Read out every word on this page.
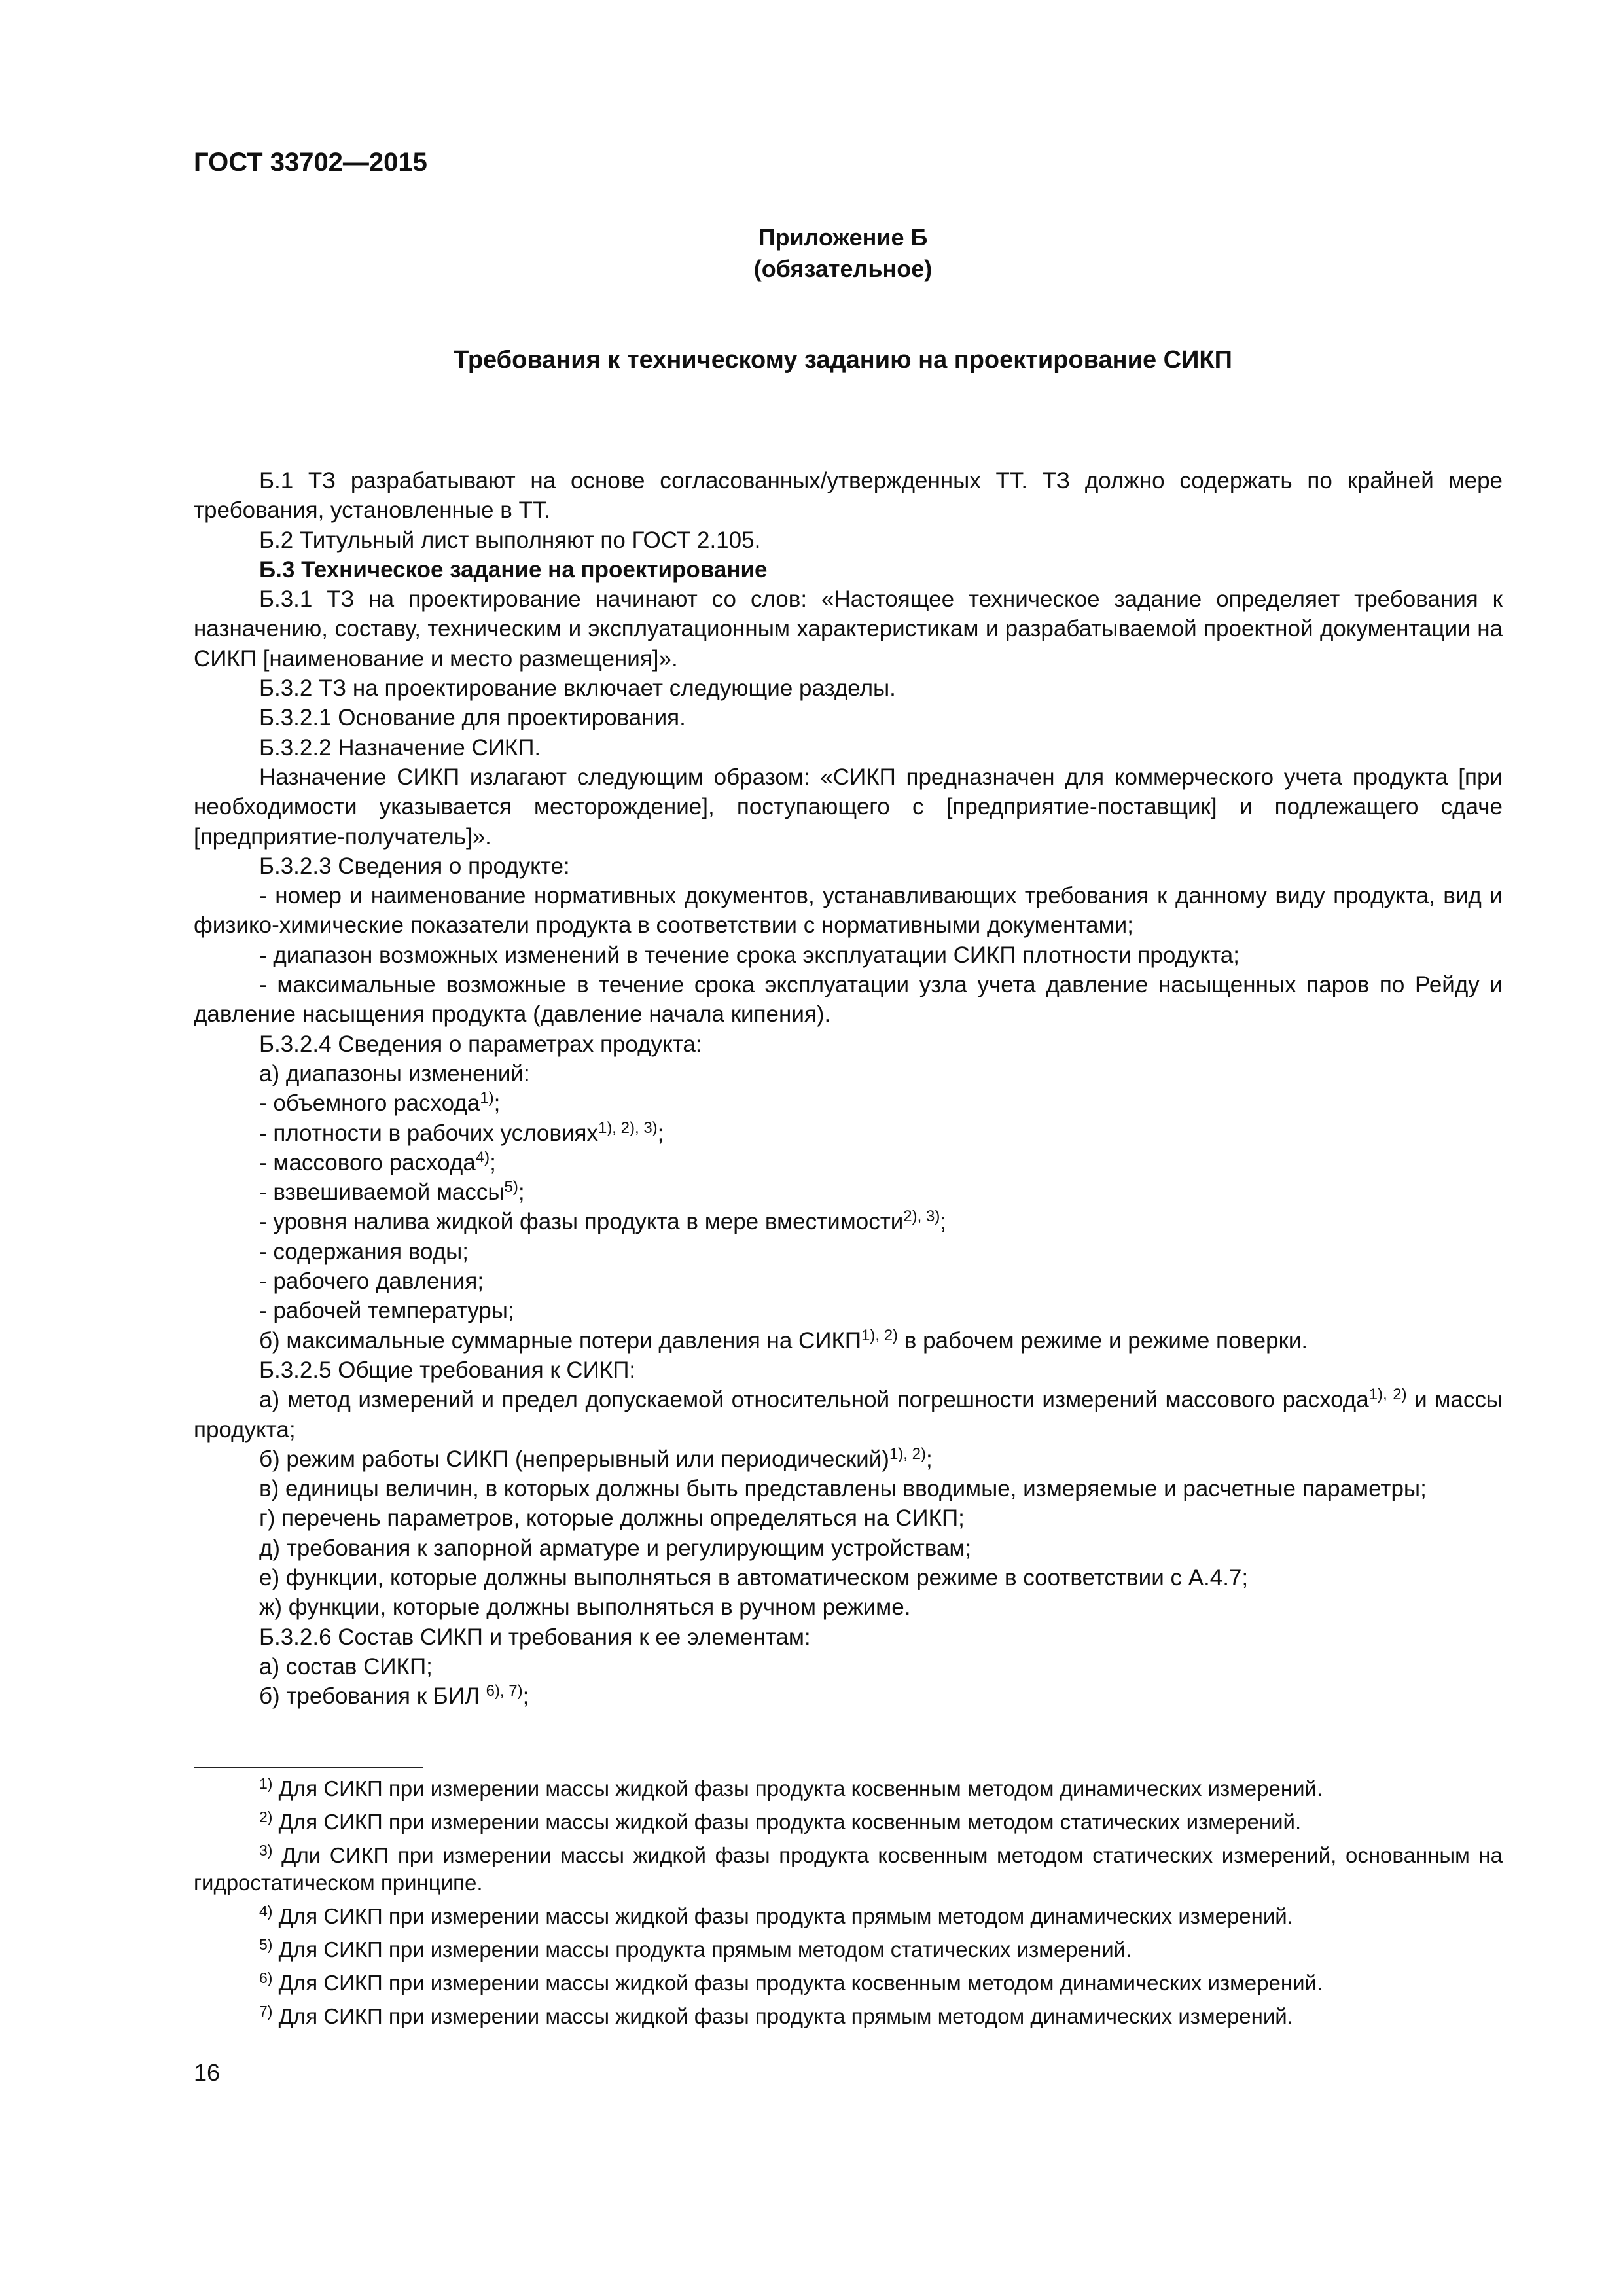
ГОСТ 33702—2015
Приложение Б
(обязательное)
Требования к техническому заданию на проектирование СИКП

Б.1 ТЗ разрабатывают на основе согласованных/утвержденных ТТ. ТЗ должно содержать по крайней мере требования, установленные в ТТ.

Б.2 Титульный лист выполняют по ГОСТ 2.105.

Б.3 Техническое задание на проектирование

Б.3.1 ТЗ на проектирование начинают со слов: «Настоящее техническое задание определяет требования к назначению, составу, техническим и эксплуатационным характеристикам и разрабатываемой проектной документации на СИКП [наименование и место размещения]».

Б.3.2 ТЗ на проектирование включает следующие разделы.

Б.3.2.1 Основание для проектирования.

Б.3.2.2 Назначение СИКП.

Назначение СИКП излагают следующим образом: «СИКП предназначен для коммерческого учета продукта [при необходимости указывается месторождение], поступающего с [предприятие-поставщик] и подлежащего сдаче [предприятие-получатель]».

Б.3.2.3 Сведения о продукте:

- номер и наименование нормативных документов, устанавливающих требования к данному виду продукта, вид и физико-химические показатели продукта в соответствии с нормативными документами;

- диапазон возможных изменений в течение срока эксплуатации СИКП плотности продукта;

- максимальные возможные в течение срока эксплуатации узла учета давление насыщенных паров по Рейду и давление насыщения продукта (давление начала кипения).

Б.3.2.4 Сведения о параметрах продукта:

а) диапазоны изменений:

- объемного расхода$^{1)}$;

- плотности в рабочих условиях$^{1), 2), 3)}$;

- массового расхода$^{4)}$;

- взвешиваемой массы$^{5)}$;

- уровня налива жидкой фазы продукта в мере вместимости$^{2), 3)}$;

- содержания воды;

- рабочего давления;

- рабочей температуры;

б) максимальные суммарные потери давления на $СИКП^{1), 2)}$ в рабочем режиме и режиме поверки.

Б.3.2.5 Общие требования к СИКП:

а) метод измерений и предел допускаемой относительной погрешности измерений массового расхода$^{1), 2)}$ и массы продукта;

б) режим работы СИКП (непрерывный или периодический)$^{1), 2)}$;

в) единицы величин, в которых должны быть представлены вводимые, измеряемые и расчетные параметры;

г) перечень параметров, которые должны определяться на СИКП;

д) требования к запорной арматуре и регулирующим устройствам;

е) функции, которые должны выполняться в автоматическом режиме в соответствии с А.4.7;

ж) функции, которые должны выполняться в ручном режиме.

Б.3.2.6 Состав СИКП и требования к ее элементам:

а) состав СИКП;

б) требования к БИЛ $^{6), 7)}$;

$^{1)}$ Для СИКП при измерении массы жидкой фазы продукта косвенным методом динамических измерений.

$^{2)}$ Для СИКП при измерении массы жидкой фазы продукта косвенным методом статических измерений.

$^{3)}$ Дли СИКП при измерении массы жидкой фазы продукта косвенным методом статических измерений, основанным на гидростатическом принципе.

$^{4)}$ Для СИКП при измерении массы жидкой фазы продукта прямым методом динамических измерений.

$^{5)}$ Для СИКП при измерении массы продукта прямым методом статических измерений.

$^{6)}$ Для СИКП при измерении массы жидкой фазы продукта косвенным методом динамических измерений.

$^{7)}$ Для СИКП при измерении массы жидкой фазы продукта прямым методом динамических измерений.

16
